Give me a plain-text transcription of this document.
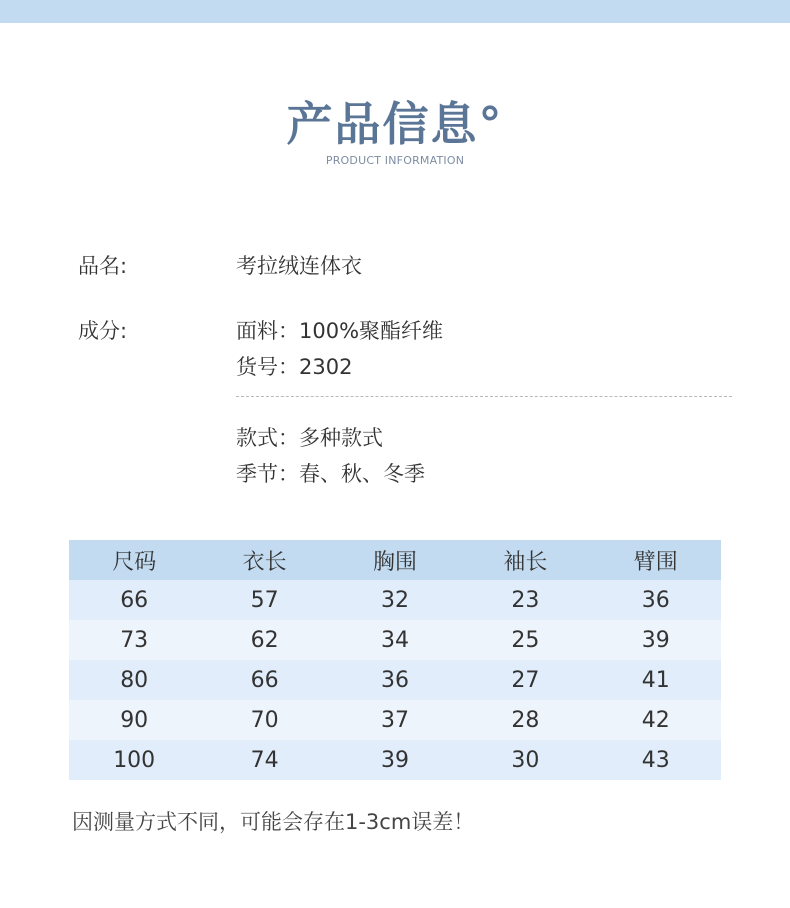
产品信息°
PRODUCT INFORMATION
品名:	考拉绒连体衣
成分:	面料：100%聚酯纤维
货号：2302
款式：多种款式
季节：春、秋、冬季
尺码	衣长	胸围	袖长	臂围
66	57	32	23	36
73	62	34	25	39
80	66	36	27	41
90	70	37	28	42
100	74	39	30	43
因测量方式不同，可能会存在1-3cm误差！
